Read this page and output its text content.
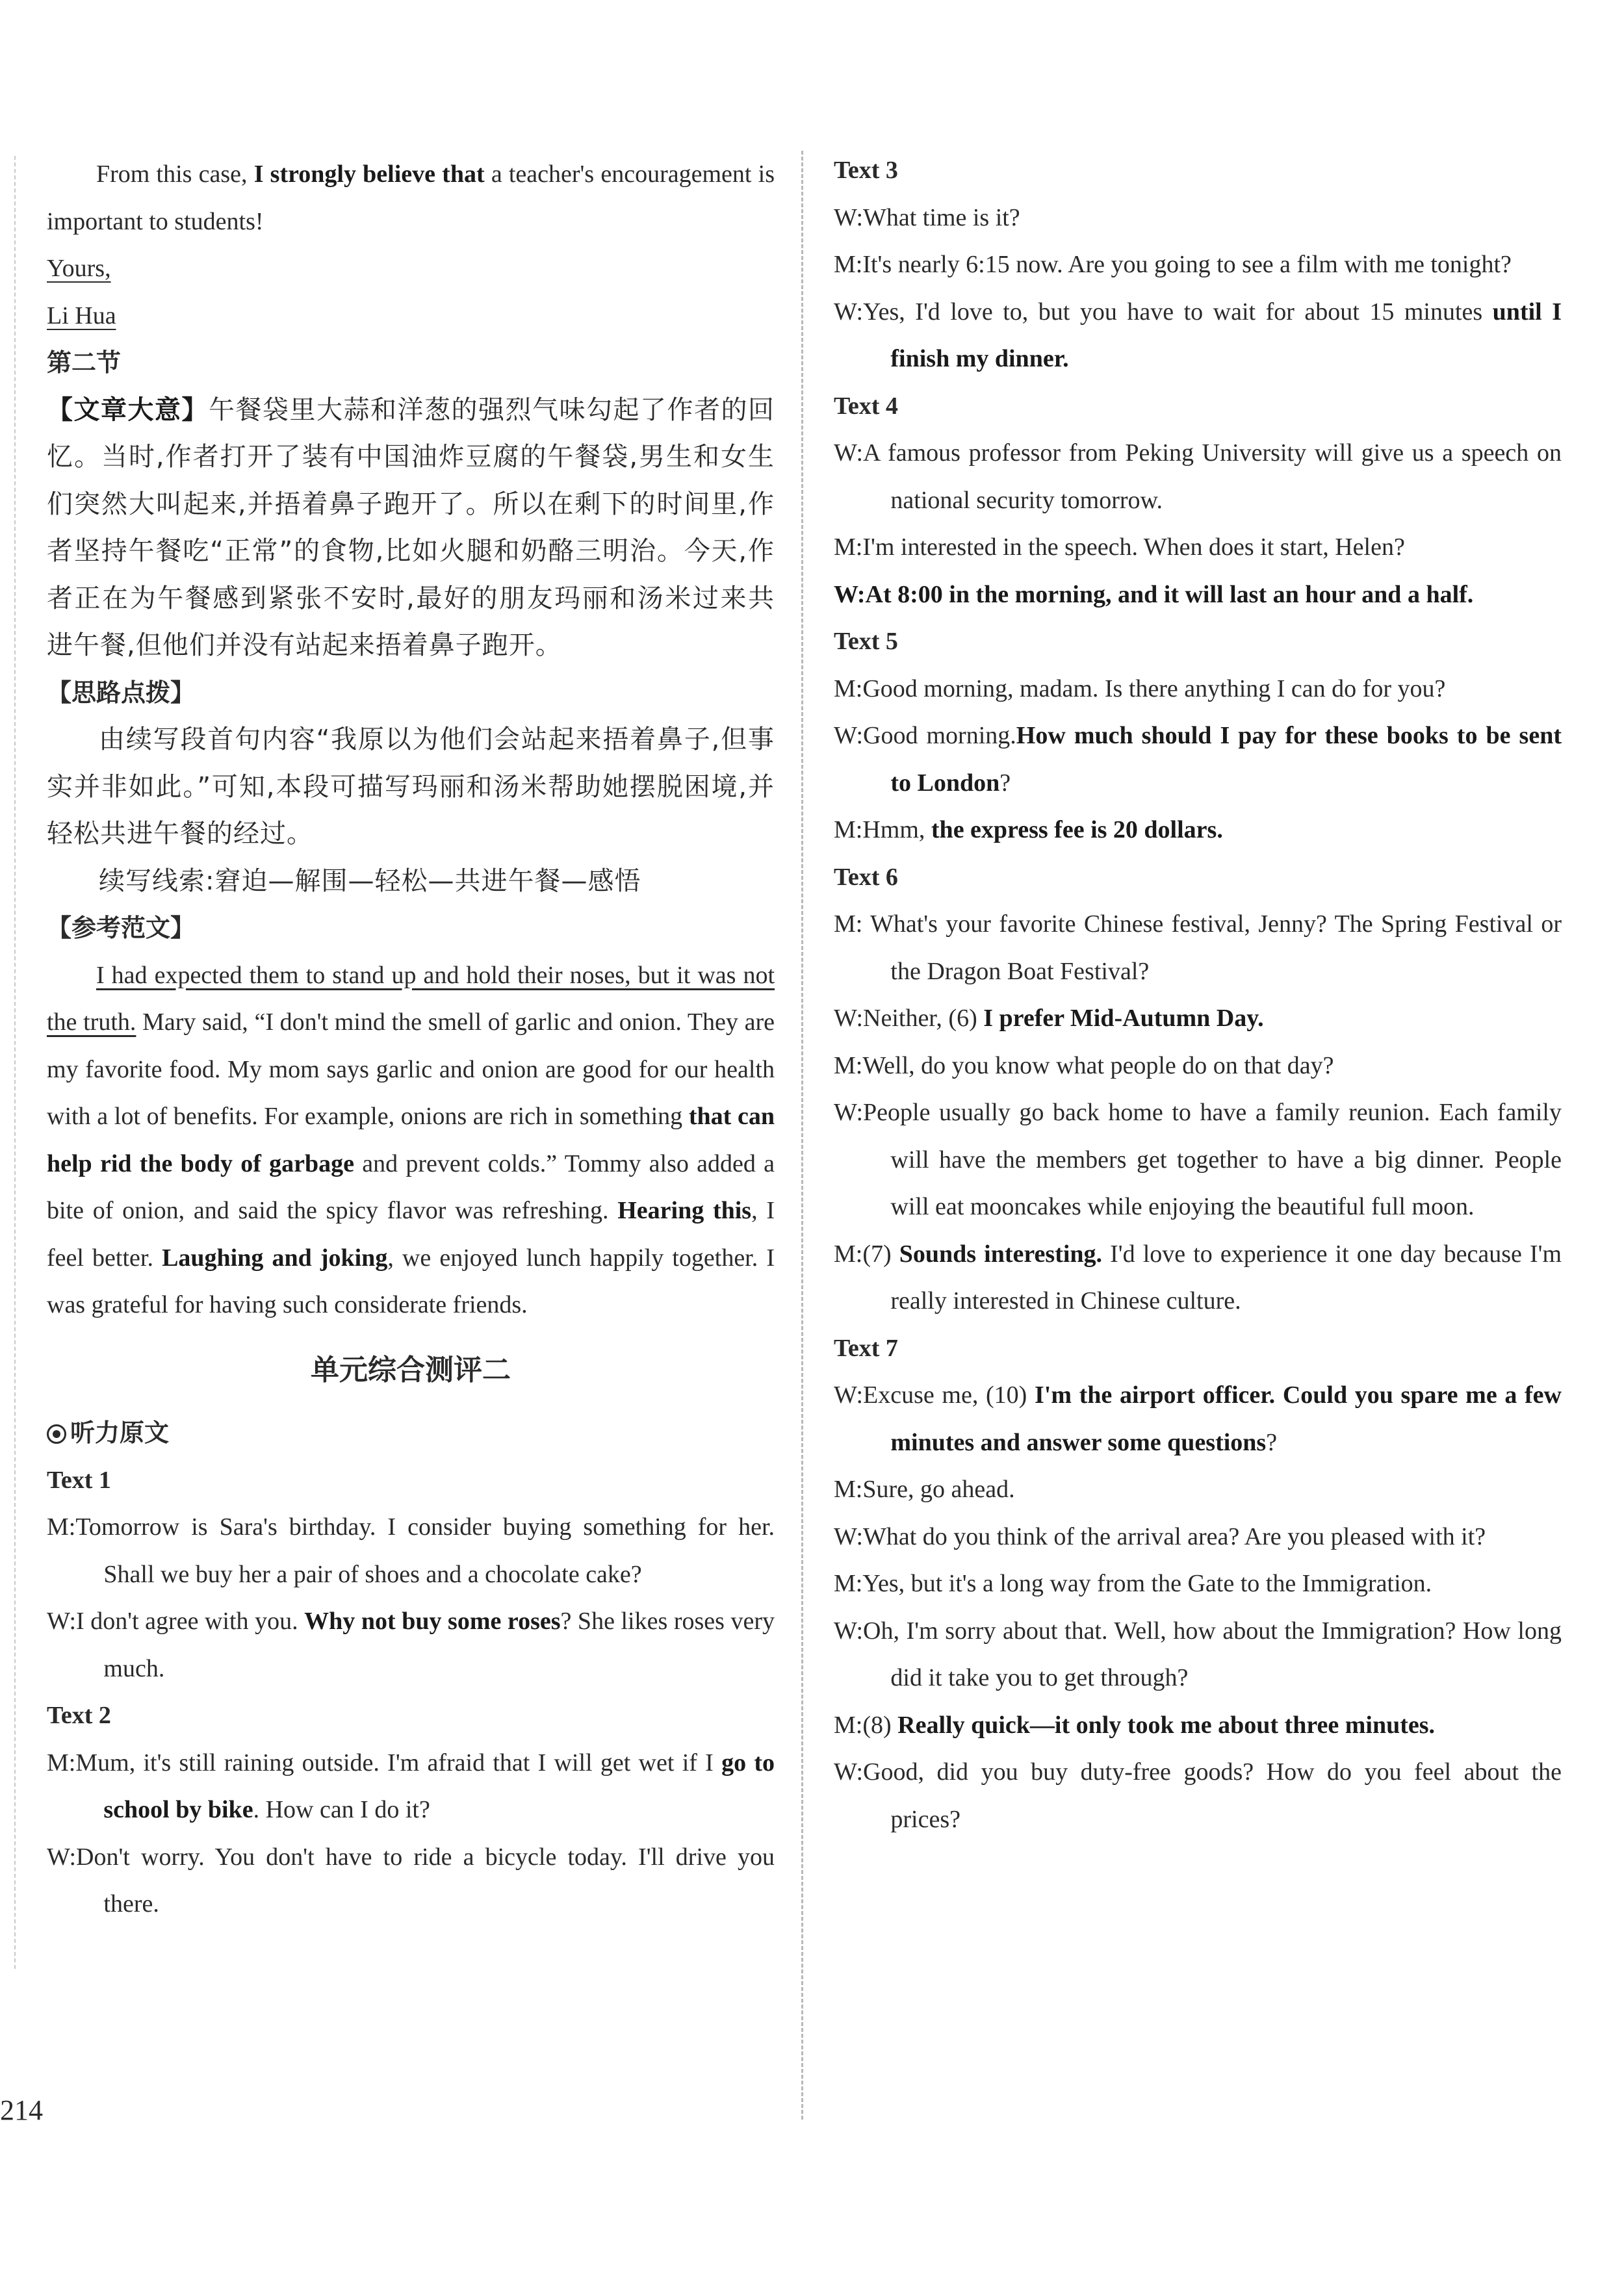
From this case, I strongly believe that a teacher's encouragement is important to students!

Yours,

Li Hua

第二节

【文章大意】午餐袋里大蒜和洋葱的强烈气味勾起了作者的回忆。当时,作者打开了装有中国油炸豆腐的午餐袋,男生和女生们突然大叫起来,并捂着鼻子跑开了。所以在剩下的时间里,作者坚持午餐吃“正常”的食物,比如火腿和奶酪三明治。今天,作者正在为午餐感到紧张不安时,最好的朋友玛丽和汤米过来共进午餐,但他们并没有站起来捂着鼻子跑开。

【思路点拨】

由续写段首句内容“我原以为他们会站起来捂着鼻子,但事实并非如此。”可知,本段可描写玛丽和汤米帮助她摆脱困境,并轻松共进午餐的经过。

续写线索:窘迫—解围—轻松—共进午餐—感悟

【参考范文】

I had expected them to stand up and hold their noses, but it was not the truth. Mary said, “I don't mind the smell of garlic and onion. They are my favorite food. My mom says garlic and onion are good for our health with a lot of benefits. For example, onions are rich in something that can help rid the body of garbage and prevent colds.” Tommy also added a bite of onion, and said the spicy flavor was refreshing. Hearing this, I feel better. Laughing and joking, we enjoyed lunch happily together. I was grateful for having such considerate friends.

单元综合测评二

听力原文

Text 1

M:Tomorrow is Sara's birthday. I consider buying something for her. Shall we buy her a pair of shoes and a chocolate cake?

W:I don't agree with you. Why not buy some roses? She likes roses very much.

Text 2

M:Mum, it's still raining outside. I'm afraid that I will get wet if I go to school by bike. How can I do it?

W:Don't worry. You don't have to ride a bicycle today. I'll drive you there.

Text 3

W:What time is it?

M:It's nearly 6:15 now. Are you going to see a film with me tonight?

W:Yes, I'd love to, but you have to wait for about 15 minutes until I finish my dinner.

Text 4

W:A famous professor from Peking University will give us a speech on national security tomorrow.

M:I'm interested in the speech. When does it start, Helen?

W:At 8:00 in the morning, and it will last an hour and a half.

Text 5

M:Good morning, madam. Is there anything I can do for you?

W:Good morning.How much should I pay for these books to be sent to London?

M:Hmm, the express fee is 20 dollars.

Text 6

M: What's your favorite Chinese festival, Jenny? The Spring Festival or the Dragon Boat Festival?

W:Neither, (6) I prefer Mid-Autumn Day.

M:Well, do you know what people do on that day?

W:People usually go back home to have a family reunion. Each family will have the members get together to have a big dinner. People will eat mooncakes while enjoying the beautiful full moon.

M:(7) Sounds interesting. I'd love to experience it one day because I'm really interested in Chinese culture.

Text 7

W:Excuse me, (10) I'm the airport officer. Could you spare me a few minutes and answer some questions?

M:Sure, go ahead.

W:What do you think of the arrival area? Are you pleased with it?

M:Yes, but it's a long way from the Gate to the Immigration.

W:Oh, I'm sorry about that. Well, how about the Immigration? How long did it take you to get through?

M:(8) Really quick—it only took me about three minutes.

W:Good, did you buy duty-free goods? How do you feel about the prices?

214
